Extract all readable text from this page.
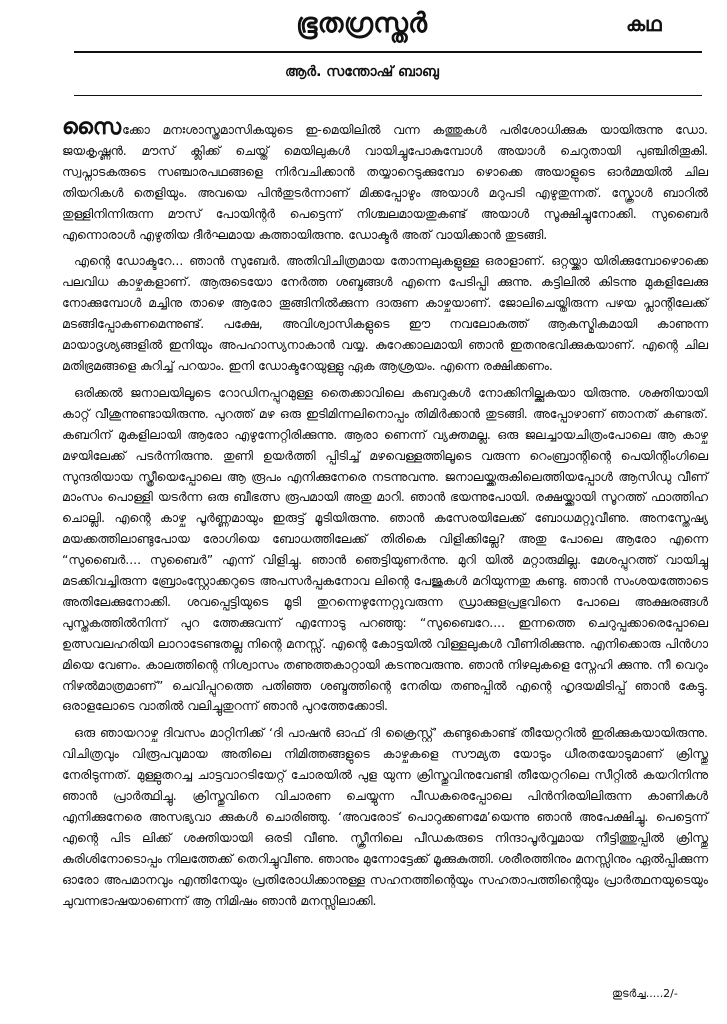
ഭൂതഗ്രസ്തർ	കഥ
ആർ. സന്തോഷ് ബാബു

സൈക്കോ മനഃശാസ്ത്രമാസികയുടെ ഇ-മെയിലിൽ വന്ന കത്തുകൾ പരിശോധിക്കുക യായിരുന്നു ഡോ. ജയകൃഷ്ണൻ. മൗസ് ക്ലിക്ക് ചെയ്ത് മെയിലുകൾ വായിച്ചുപോകുമ്പോൾ അയാൾ ചെറുതായി പുഞ്ചിരിതൂകി. സ്വപ്നാടകരുടെ സഞ്ചാരപഥങ്ങളെ നിർവചിക്കാൻ തയ്യാറെടുക്കുമ്പോ ഴൊക്കെ അയാളുടെ ഓർമ്മയിൽ ചില തിയറികൾ തെളിയും. അവയെ പിൻതുടർന്നാണ് മിക്കപ്പോഴും അയാൾ മറുപടി എഴുതുന്നത്. സ്ക്രോൾ ബാറിൽ തുള്ളിനിന്നിരുന്ന മൗസ് പോയിന്റർ പെട്ടെന്ന് നിശ്ചലമായതുകണ്ട് അയാൾ സൂക്ഷിച്ചുനോക്കി. സുബൈർ എന്നൊരാൾ എഴുതിയ ദീർഘമായ കത്തായിരുന്നു. ഡോക്ടർ അത് വായിക്കാൻ തുടങ്ങി.

എന്റെ ഡോക്ടറേ... ഞാൻ സുബേർ. അതിവിചിത്രമായ തോന്നലുകളുള്ള ഒരാളാണ്. ഒറ്റയ്ക്കാ യിരിക്കുമ്പോഴൊക്കെ പലവിധ കാഴ്ചകളാണ്. ആരുടെയോ നേർത്ത ശബ്ദങ്ങൾ എന്നെ പേടിപ്പി ക്കുന്നു. കട്ടിലിൽ കിടന്നു മുകളിലേക്കു നോക്കുമ്പോൾ മച്ചിനു താഴെ ആരോ തൂങ്ങിനിൽക്കുന്ന ദാരുണ കാഴ്ചയാണ്. ജോലിചെയ്തിരുന്ന പഴയ പ്ലാന്റിലേക്ക് മടങ്ങിപ്പോകണമെന്നുണ്ട്. പക്ഷേ, അവിശ്വാസികളുടെ ഈ നവലോകത്ത് ആകസ്മികമായി കാണുന്ന മായാദൃശ്യങ്ങളിൽ ഇനിയും അപഹാസ്യനാകാൻ വയ്യ. കുറേക്കാലമായി ഞാൻ ഇതനുഭവിക്കുകയാണ്. എന്റെ ചില മതിഭ്രമങ്ങളെ കുറിച്ച് പറയാം. ഇനി ഡോക്ടറേയുള്ളു ഏക ആശ്രയം. എന്നെ രക്ഷിക്കണം.

ഒരിക്കൽ ജനാലയിലൂടെ റോഡിനപ്പുറമുള്ള തൈക്കാവിലെ കബറുകൾ നോക്കിനില്ക്കുകയാ യിരുന്നു. ശക്തിയായി കാറ്റ് വീശുന്നുണ്ടായിരുന്നു. പുറത്ത് മഴ ഒരു ഇടിമിന്നലിനൊപ്പം തിമിർക്കാൻ തുടങ്ങി. അപ്പോഴാണ് ഞാനത് കണ്ടത്. കബറിന് മുകളിലായി ആരോ എഴുന്നേറ്റിരിക്കുന്നു. ആരാ ണെന്ന് വ്യക്തമല്ല. ഒരു ജലച്ചായചിത്രംപോലെ ആ കാഴ്ച മഴയിലേക്ക് പടർന്നിരുന്നു. തുണി ഉയർത്തി പ്പിടിച്ച് മഴവെള്ളത്തിലൂടെ വരുന്ന റെംബ്രാന്റിന്റെ പെയിന്റിംഗിലെ സുന്ദരിയായ സ്ത്രീയെപ്പോലെ ആ രൂപം എനിക്കുനേരെ നടന്നുവന്നു. ജനാലയ്ക്കരുകിലെത്തിയപ്പോൾ ആസിഡു വീണ് മാംസം പൊള്ളി യടർന്ന ഒരു ബീഭത്സ രൂപമായി അതു മാറി. ഞാൻ ഭയന്നുപോയി. രക്ഷയ്ക്കായി സൂറത്ത് ഫാത്തിഹ ചൊല്ലി. എന്റെ കാഴ്ച പൂർണ്ണമായും ഇരുട്ട് മൂടിയിരുന്നു. ഞാൻ കസേരയിലേക്ക് ബോധമറ്റുവീണു. അനസ്തേഷ്യ മയക്കത്തിലാണ്ടുപോയ രോഗിയെ ബോധത്തിലേക്ക് തിരികെ വിളിക്കില്ലേ? അതു പോലെ ആരോ എന്നെ “സുബൈർ.... സുബൈർ” എന്ന് വിളിച്ചു. ഞാൻ ഞെട്ടിയുണർന്നു. മുറി യിൽ മറ്റാരുമില്ല. മേശപ്പുറത്ത് വായിച്ചു മടക്കിവച്ചിരുന്ന ബ്രോംസ്റ്റോക്കറുടെ അപസർപ്പകനോവ ലിന്റെ പേജുകൾ മറിയുന്നതു കണ്ടു. ഞാൻ സംശയത്തോടെ അതിലേക്കുനോക്കി. ശവപ്പെട്ടിയുടെ മൂടി തുറന്നെഴുന്നേറ്റുവരുന്ന ഡ്രാക്കുളപ്രഭുവിനെ പോലെ അക്ഷരങ്ങൾ പുസ്തകത്തിൽനിന്ന് പുറ ത്തേക്കുവന്ന് എന്നോടു പറഞ്ഞു: “സുബൈറേ.... ഇന്നത്തെ ചെറുപ്പക്കാരെപ്പോലെ ഉത്സവലഹരിയി ലാറാടേണ്ടതല്ല നിന്റെ മനസ്സ്. എന്റെ കോട്ടയിൽ വിള്ളലുകൾ വീണിരിക്കുന്നു. എനിക്കൊരു പിൻഗാ മിയെ വേണം. കാലത്തിന്റെ നിശ്വാസം തണുത്തകാറ്റായി കടന്നുവരുന്നു. ഞാൻ നിഴലുകളെ സ്നേഹി ക്കുന്നു. നീ വെറും നിഴൽമാത്രമാണ്” ചെവിപ്പുറത്തെ പതിഞ്ഞ ശബ്ദത്തിന്റെ നേരിയ തണുപ്പിൽ എന്റെ ഹൃദയമിടിപ്പ് ഞാൻ കേട്ടു. ഒരാളലോടെ വാതിൽ വലിച്ചുതുറന്ന് ഞാൻ പുറത്തേക്കോടി.

ഒരു ഞായറാഴ്ച ദിവസം മാറ്റിനിക്ക് ‘ദി പാഷൻ ഓഫ് ദി ക്രൈസ്റ്റ്’ കണ്ടുകൊണ്ട് തീയേറ്ററിൽ ഇരിക്കുകയായിരുന്നു. വിചിത്രവും വിരൂപവുമായ അതിലെ നിമിത്തങ്ങളുടെ കാഴ്ചകളെ സൗമ്യത യോടും ധീരതയോടുമാണ് ക്രിസ്തു നേരിടുന്നത്. മുള്ളുതറച്ച ചാട്ടവാറടിയേറ്റ് ചോരയിൽ പുള യുന്ന ക്രിസ്തുവിനുവേണ്ടി തീയേറ്ററിലെ സീറ്റിൽ കയറിനിന്നു ഞാൻ പ്രാർത്ഥിച്ചു. ക്രിസ്തുവിനെ വിചാരണ ചെയ്യുന്ന പീഡകരെപ്പോലെ പിൻനിരയിലിരുന്ന കാണികൾ എനിക്കുനേരെ അസഭ്യവാ ക്കുകൾ ചൊരിഞ്ഞു. ‘അവരോട് പൊറുക്കണമേ’യെന്നു ഞാൻ അപേക്ഷിച്ചു. പെട്ടെന്ന് എന്റെ പിട ലിക്ക് ശക്തിയായി ഒരടി വീണു. സ്ക്രീനിലെ പീഡകരുടെ നിന്ദാപൂർവ്വമായ നീട്ടിത്തുപ്പിൽ ക്രിസ്തു കുരിശിനോടൊപ്പം നിലത്തേക്ക് തെറിച്ചുവീണു. ഞാനും മുന്നോട്ടേക്ക് മൂക്കുകുത്തി. ശരീരത്തിനും മനസ്സിനും ഏൽപ്പിക്കുന്ന ഓരോ അപമാനവും എന്തിനേയും പ്രതിരോധിക്കാനുള്ള സഹനത്തിന്റെയും സഹതാപത്തിന്റെയും പ്രാർത്ഥനയുടെയും ചുവന്നഭാഷയാണെന്ന് ആ നിമിഷം ഞാൻ മനസ്സിലാക്കി.

തുടർച്ച.....2/-
